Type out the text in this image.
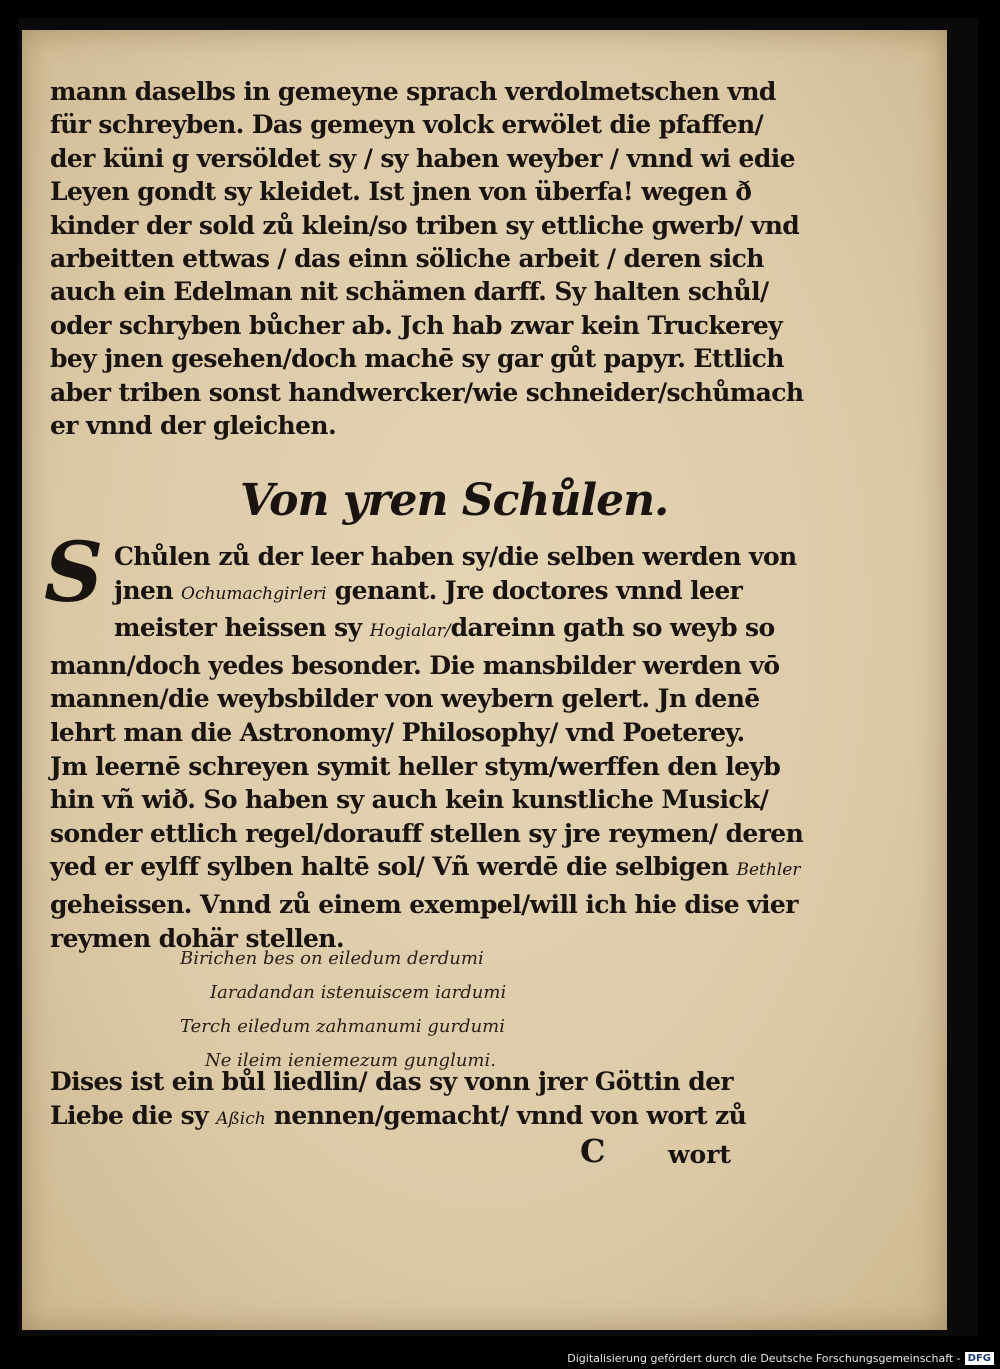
mann daselbs in gemeyne sprach verdolmetschen vnd
für schreyben. Das gemeyn volck erwölet die pfaffen/
der küni g versöldet sy / sy haben weyber / vnnd wi edie
Leyen gondt sy kleidet. Ist jnen von überfa! wegen ð
kinder der sold zů klein/so triben sy ettliche gwerb/ vnd
arbeitten ettwas / das einn söliche arbeit / deren sich
auch ein Edelman nit schämen darff. Sy halten schůl/
oder schryben bůcher ab. Jch hab zwar kein Truckerey
bey jnen gesehen/doch machē sy gar gůt papyr. Ettlich
aber triben sonst handwercker/wie schneider/schůmach
er vnnd der gleichen.
Von yren Schůlen.
S Chůlen zů der leer haben sy/die selben werden von
jnen Ochumachgirleri genant. Jre doctores vnnd leer
meister heissen sy Hogialar/dareinn gath so weyb so
mann/doch yedes besonder. Die mansbilder werden vō
mannen/die weybsbilder von weybern gelert. Jn denē
lehrt man die Astronomy/ Philosophy/ vnd Poeterey.
Jm leernē schreyen symit heller stym/werffen den leyb
hin vñ wið. So haben sy auch kein kunstliche Musick/
sonder ettlich regel/dorauff stellen sy jre reymen/ deren
yed er eylff sylben haltē sol/ Vñ werdē die selbigen Bethler
geheissen. Vnnd zů einem exempel/will ich hie dise vier
reymen dohär stellen.
Birichen bes on eiledum derdumi
Iaradandan istenuiscem iardumi
Terch eiledum zahmanumi gurdumi
Ne ileim ieniemezum gunglumi.
Dises ist ein bůl liedlin/ das sy vonn jrer Göttin der
Liebe die sy Aßich nennen/gemacht/ vnnd von wort zů
C	wort
Digitalisierung gefördert durch die Deutsche Forschungsgemeinschaft - DFG
